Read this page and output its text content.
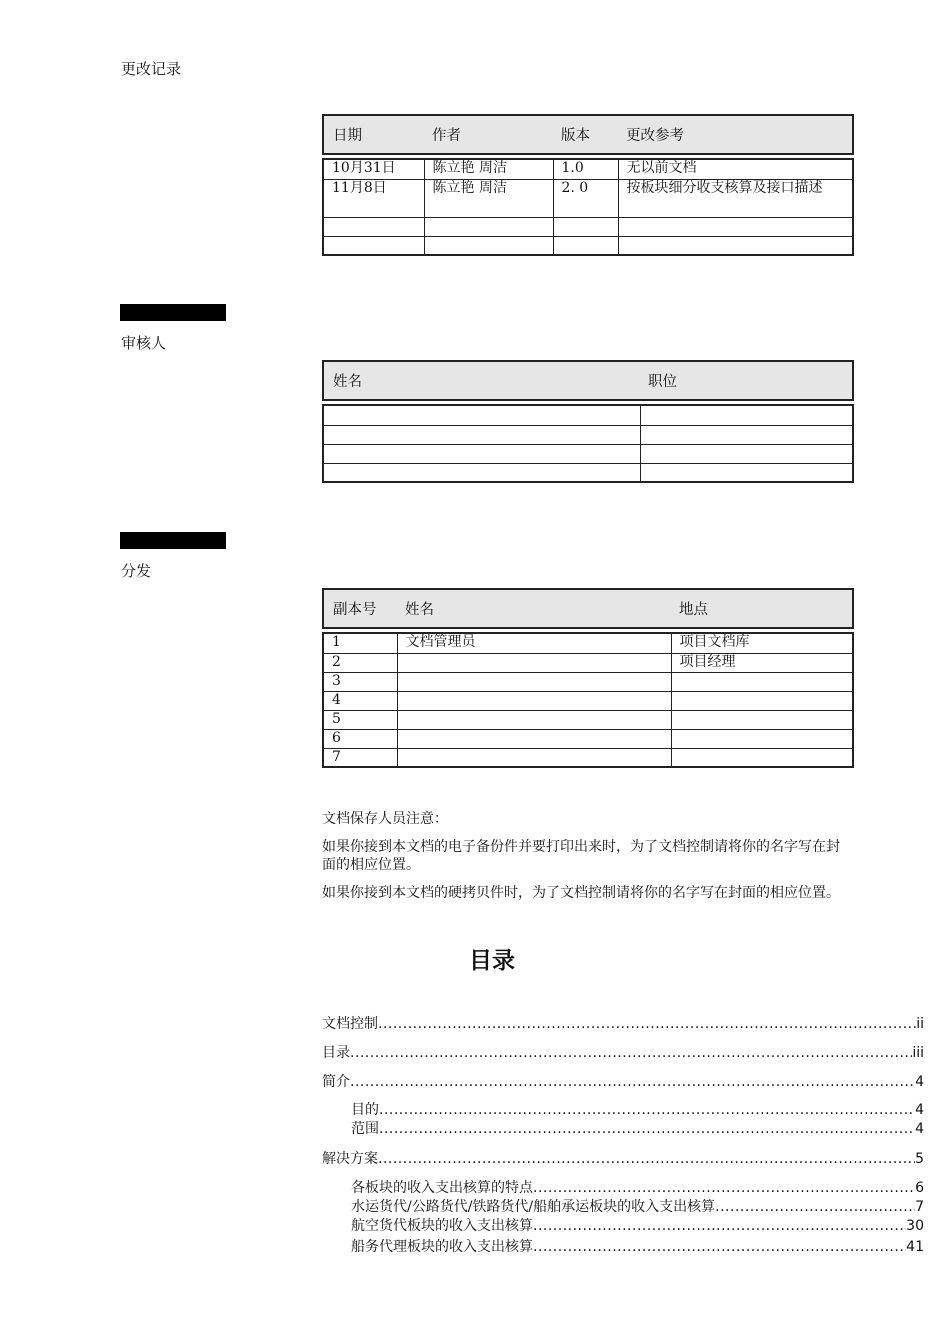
更改记录
日期	作者	版本	更改参考
10月31日	陈立艳 周洁	1.0	无以前文档
11月8日	陈立艳 周洁	2. 0	按板块细分收支核算及接口描述

审核人
姓名	职位

分发
副本号	姓名	地点
1	文档管理员	项目文档库
2		项目经理
3		
4		
5		
6		
7		
文档保存人员注意：
如果你接到本文档的电子备份件并要打印出来时，为了文档控制请将你的名字写在封面的相应位置。
如果你接到本文档的硬拷贝件时，为了文档控制请将你的名字写在封面的相应位置。
目录
文档控制 .....	ii
目录 .....	iii
简介 .....	4
目的 .....	4
范围 .....	4
解决方案 .....	5
各板块的收入支出核算的特点 .....	6
水运货代/公路货代/铁路货代/船舶承运板块的收入支出核算 .....	7
航空货代板块的收入支出核算 .....	30
船务代理板块的收入支出核算 .....	41
